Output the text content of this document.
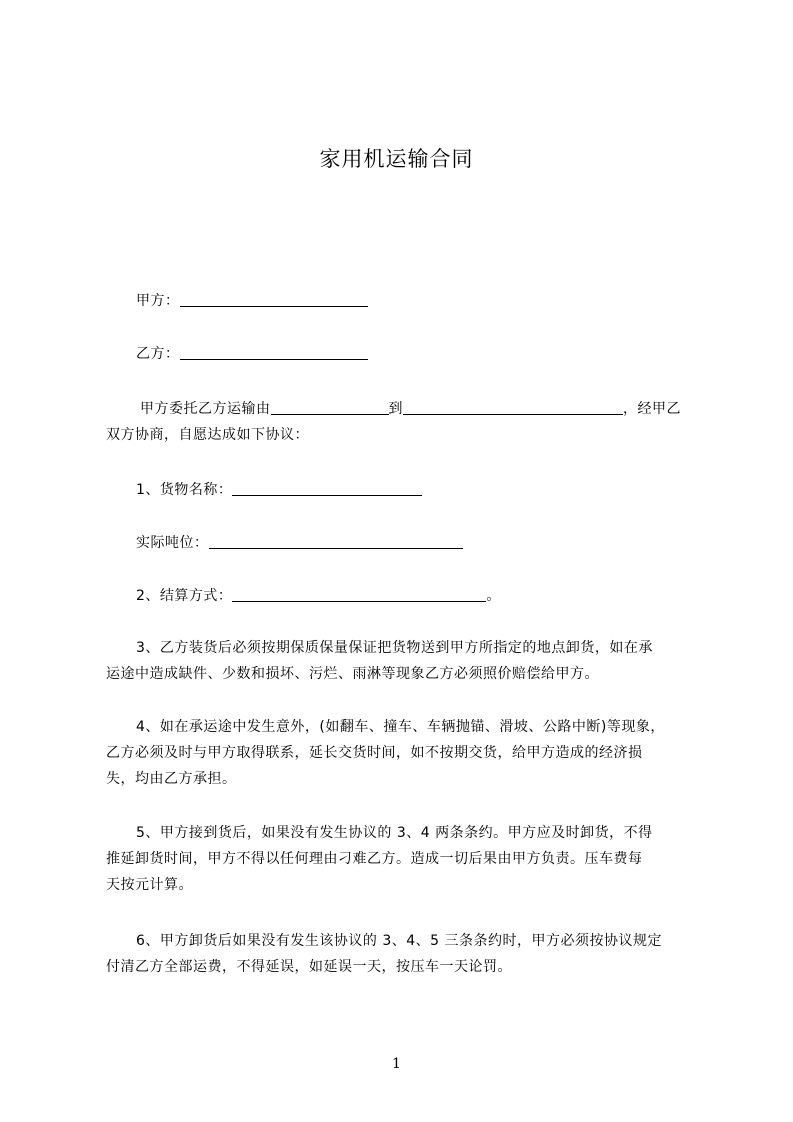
家用机运输合同
甲方：
乙方：
甲方委托乙方运输由	到	，经甲乙
双方协商，自愿达成如下协议：
1、货物名称：
实际吨位：
2、结算方式：	。

3、乙方装货后必须按期保质保量保证把货物送到甲方所指定的地点卸货，如在承

运途中造成缺件、少数和损坏、污烂、雨淋等现象乙方必须照价赔偿给甲方。

4、如在承运途中发生意外，(如翻车、撞车、车辆抛锚、滑坡、公路中断)等现象，

乙方必须及时与甲方取得联系，延长交货时间，如不按期交货，给甲方造成的经济损

失，均由乙方承担。

5、甲方接到货后，如果没有发生协议的 3、4 两条条约。甲方应及时卸货，不得

推延卸货时间，甲方不得以任何理由刁难乙方。造成一切后果由甲方负责。压车费每

天按元计算。

6、甲方卸货后如果没有发生该协议的 3、4、5 三条条约时，甲方必须按协议规定

付清乙方全部运费，不得延误，如延误一天，按压车一天论罚。

1
